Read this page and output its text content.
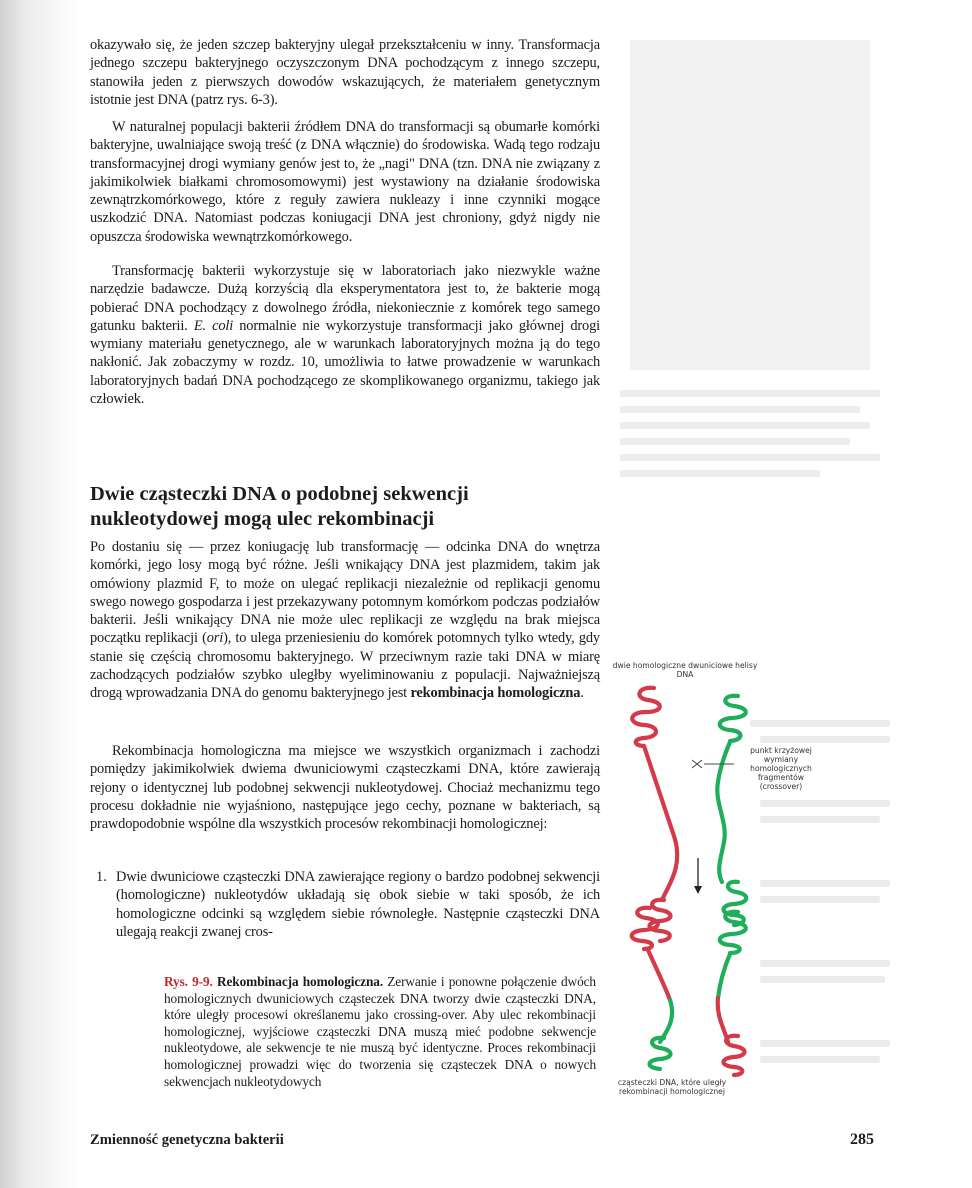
okazywało się, że jeden szczep bakteryjny ulegał przekształceniu w inny. Transformacja jednego szczepu bakteryjnego oczyszczonym DNA pochodzącym z innego szczepu, stanowiła jeden z pierwszych dowodów wskazujących, że materiałem genetycznym istotnie jest DNA (patrz rys. 6-3).

W naturalnej populacji bakterii źródłem DNA do transformacji są obumarłe komórki bakteryjne, uwalniające swoją treść (z DNA włącznie) do środowiska. Wadą tego rodzaju transformacyjnej drogi wymiany genów jest to, że „nagi" DNA (tzn. DNA nie związany z jakimikolwiek białkami chromosomowymi) jest wystawiony na działanie środowiska zewnątrzkomórkowego, które z reguły zawiera nukleazy i inne czynniki mogące uszkodzić DNA. Natomiast podczas koniugacji DNA jest chroniony, gdyż nigdy nie opuszcza środowiska wewnątrzkomórkowego.

Transformację bakterii wykorzystuje się w laboratoriach jako niezwykle ważne narzędzie badawcze. Dużą korzyścią dla eksperymentatora jest to, że bakterie mogą pobierać DNA pochodzący z dowolnego źródła, niekoniecznie z komórek tego samego gatunku bakterii. E. coli normalnie nie wykorzystuje transformacji jako głównej drogi wymiany materiału genetycznego, ale w warunkach laboratoryjnych można ją do tego nakłonić. Jak zobaczymy w rozdz. 10, umożliwia to łatwe prowadzenie w warunkach laboratoryjnych badań DNA pochodzącego ze skomplikowanego organizmu, takiego jak człowiek.

Dwie cząsteczki DNA o podobnej sekwencji nukleotydowej mogą ulec rekombinacji

Po dostaniu się — przez koniugację lub transformację — odcinka DNA do wnętrza komórki, jego losy mogą być różne. Jeśli wnikający DNA jest plazmidem, takim jak omówiony plazmid F, to może on ulegać replikacji niezależnie od replikacji genomu swego nowego gospodarza i jest przekazywany potomnym komórkom podczas podziałów bakterii. Jeśli wnikający DNA nie może ulec replikacji ze względu na brak miejsca początku replikacji (ori), to ulega przeniesieniu do komórek potomnych tylko wtedy, gdy stanie się częścią chromosomu bakteryjnego. W przeciwnym razie taki DNA w miarę zachodzących podziałów szybko uległby wyeliminowaniu z populacji. Najważniejszą drogą wprowadzania DNA do genomu bakteryjnego jest rekombinacja homologiczna.

Rekombinacja homologiczna ma miejsce we wszystkich organizmach i zachodzi pomiędzy jakimikolwiek dwiema dwuniciowymi cząsteczkami DNA, które zawierają rejony o identycznej lub podobnej sekwencji nukleotydowej. Chociaż mechanizmu tego procesu dokładnie nie wyjaśniono, następujące jego cechy, poznane w bakteriach, są prawdopodobnie wspólne dla wszystkich procesów rekombinacji homologicznej:

1. Dwie dwuniciowe cząsteczki DNA zawierające regiony o bardzo podobnej sekwencji (homologiczne) nukleotydów układają się obok siebie w taki sposób, że ich homologiczne odcinki są względem siebie równoległe. Następnie cząsteczki DNA ulegają reakcji zwanej cros-

Rys. 9-9. Rekombinacja homologiczna. Zerwanie i ponowne połączenie dwóch homologicznych dwuniciowych cząsteczek DNA tworzy dwie cząsteczki DNA, które uległy procesowi określanemu jako crossing-over. Aby ulec rekombinacji homologicznej, wyjściowe cząsteczki DNA muszą mieć podobne sekwencje nukleotydowe, ale sekwencje te nie muszą być identyczne. Proces rekombinacji homologicznej prowadzi więc do tworzenia się cząsteczek DNA o nowych sekwencjach nukleotydowych
dwie homologiczne dwuniciowe helisy DNA
punkt krzyżowej wymiany homologicznych fragmentów (crossover)
cząsteczki DNA, które uległy rekombinacji homologicznej
Zmienność genetyczna bakterii	285
